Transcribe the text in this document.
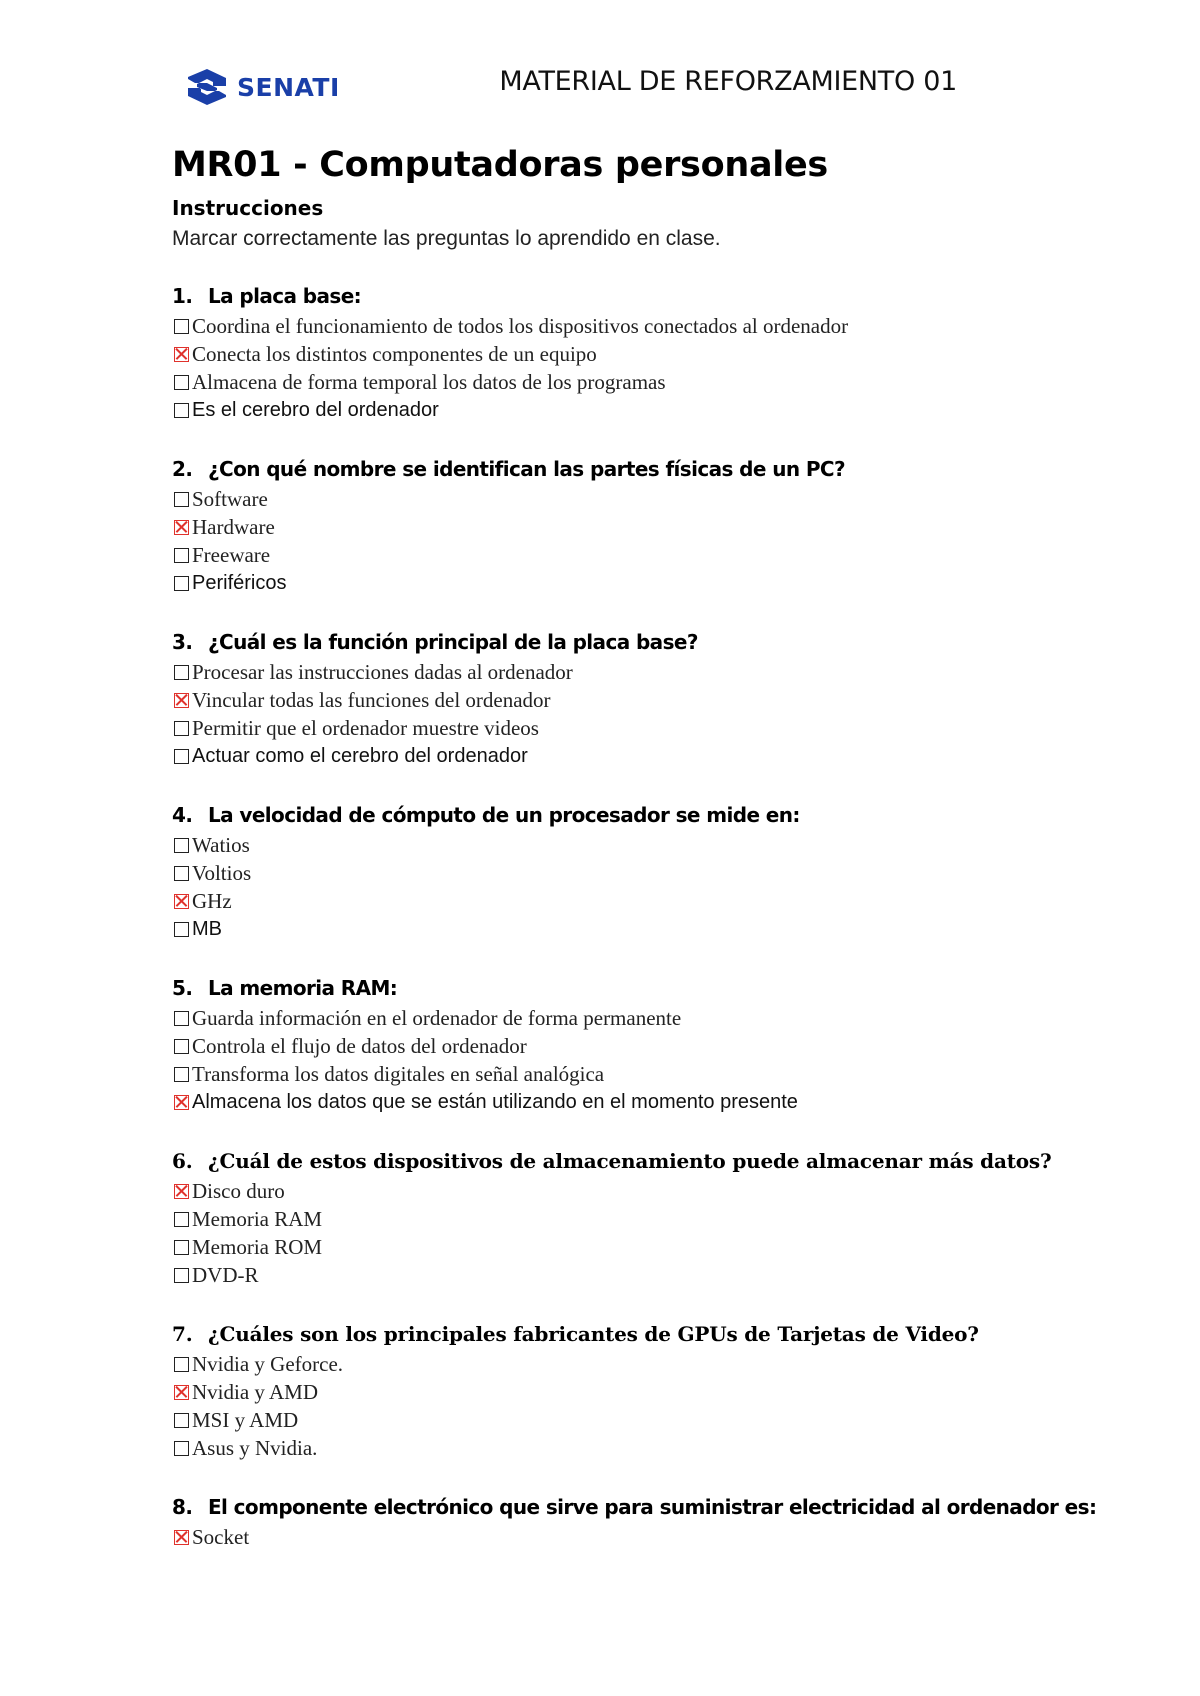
SENATI	MATERIAL DE REFORZAMIENTO 01
MR01 - Computadoras personales
Instrucciones
Marcar correctamente las preguntas lo aprendido en clase.
1. La placa base:
Coordina el funcionamiento de todos los dispositivos conectados al ordenador
Conecta los distintos componentes de un equipo
Almacena de forma temporal los datos de los programas
Es el cerebro del ordenador
2. ¿Con qué nombre se identifican las partes físicas de un PC?
Software
Hardware
Freeware
Periféricos
3. ¿Cuál es la función principal de la placa base?
Procesar las instrucciones dadas al ordenador
Vincular todas las funciones del ordenador
Permitir que el ordenador muestre videos
Actuar como el cerebro del ordenador
4. La velocidad de cómputo de un procesador se mide en:
Watios
Voltios
GHz
MB
5. La memoria RAM:
Guarda información en el ordenador de forma permanente
Controla el flujo de datos del ordenador
Transforma los datos digitales en señal analógica
Almacena los datos que se están utilizando en el momento presente
6. ¿Cuál de estos dispositivos de almacenamiento puede almacenar más datos?
Disco duro
Memoria RAM
Memoria ROM
DVD-R
7. ¿Cuáles son los principales fabricantes de GPUs de Tarjetas de Video?
Nvidia y Geforce.
Nvidia y AMD
MSI y AMD
Asus y Nvidia.
8. El componente electrónico que sirve para suministrar electricidad al ordenador es:
Socket
